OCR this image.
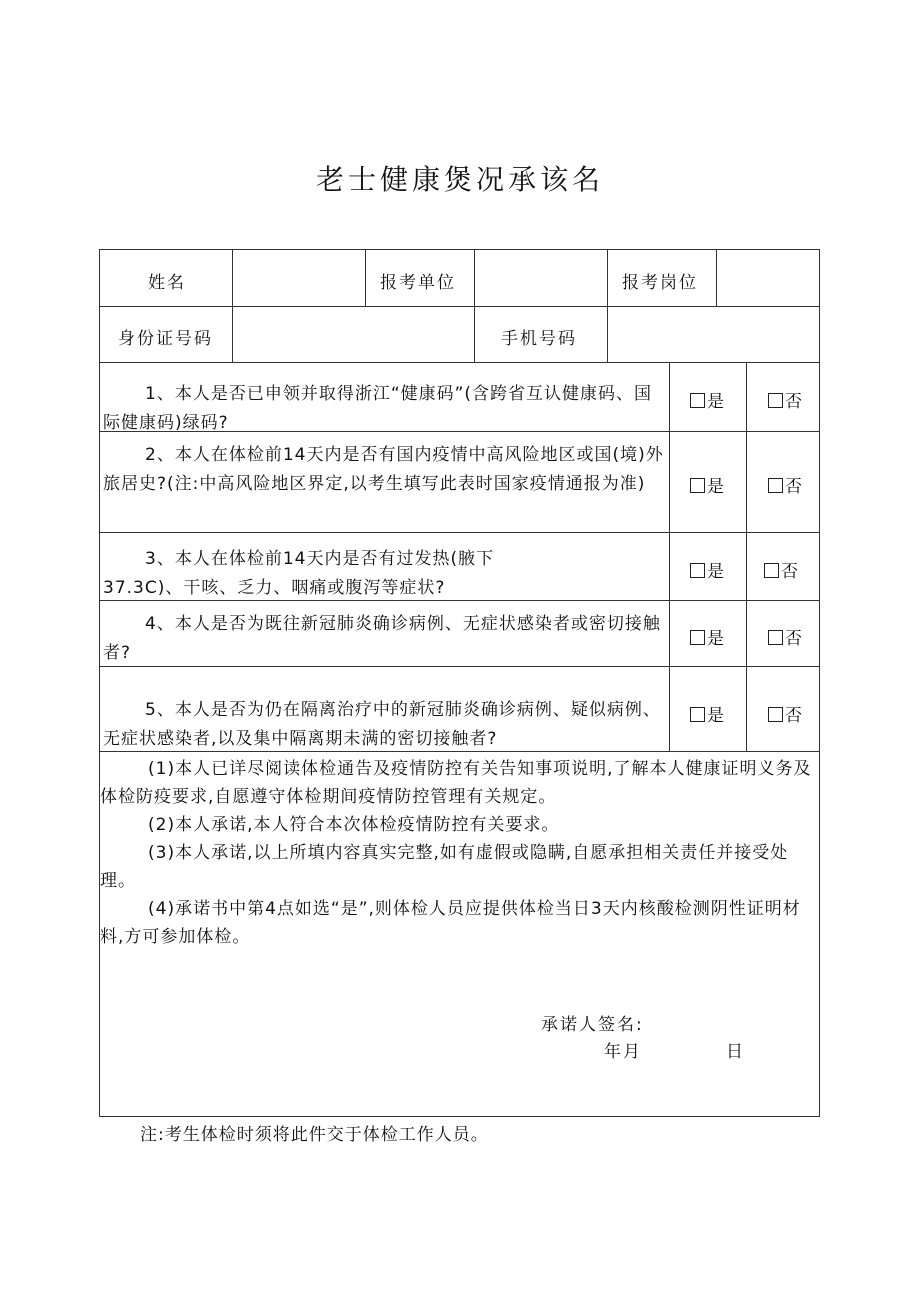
老士健康煲况承该名
姓名	报考单位	报考岗位
身份证号码	手机号码
1、本人是否已申领并取得浙江“健康码”(含跨省互认健康码、国际健康码)绿码?
是	否
2、本人在体检前14天内是否有国内疫情中高风险地区或国(境)外旅居史?(注:中高风险地区界定,以考生填写此表时国家疫情通报为准)	是	否
3、本人在体检前14天内是否有过发热(腋下37.3C)、干咳、乏力、咽痛或腹泻等症状?
是	否
4、本人是否为既往新冠肺炎确诊病例、无症状感染者或密切接触者?
是	否
5、本人是否为仍在隔离治疗中的新冠肺炎确诊病例、疑似病例、无症状感染者,以及集中隔离期未满的密切接触者?
是	否

(1)本人已详尽阅读体检通告及疫情防控有关告知事项说明,了解本人健康证明义务及体检防疫要求,自愿遵守体检期间疫情防控管理有关规定。

(2)本人承诺,本人符合本次体检疫情防控有关要求。

(3)本人承诺,以上所填内容真实完整,如有虚假或隐瞒,自愿承担相关责任并接受处理。

(4)承诺书中第4点如选“是”,则体检人员应提供体检当日3天内核酸检测阴性证明材料,方可参加体检。

承诺人签名:
年月	日
注:考生体检时须将此件交于体检工作人员。
